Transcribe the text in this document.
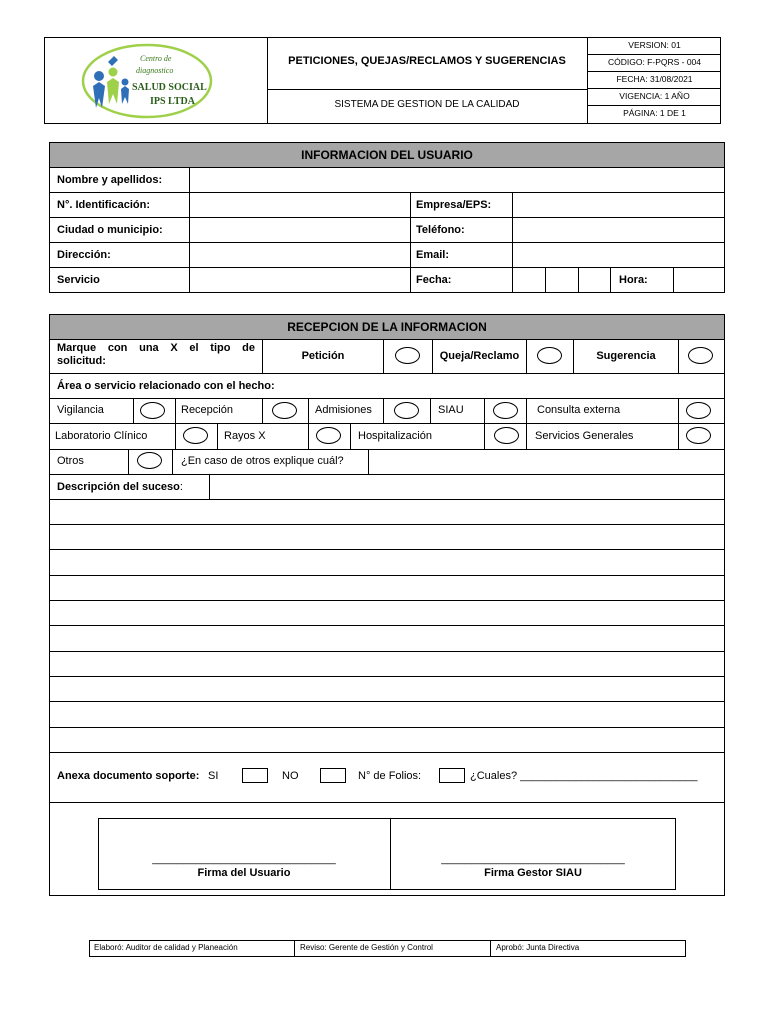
Centro de
diagnostico
SALUD SOCIAL
IPS LTDA
PETICIONES, QUEJAS/RECLAMOS Y SUGERENCIAS
SISTEMA DE GESTION DE LA CALIDAD
VERSION: 01
CÓDIGO: F-PQRS - 004
FECHA: 31/08/2021
VIGENCIA: 1 AÑO
PÁGINA: 1 DE 1
INFORMACION DEL USUARIO
Nombre y apellidos:
N°. Identificación:	Empresa/EPS:
Ciudad o municipio:	Teléfono:
Dirección:	Email:
Servicio	Fecha:	Hora:
RECEPCION DE LA INFORMACION
Marque con una X el tipo de solicitud:	Petición	Queja/Reclamo	Sugerencia
Área o servicio relacionado con el hecho:
Vigilancia	Recepción	Admisiones	SIAU	Consulta externa
Laboratorio Clínico	Rayos X	Hospitalización	Servicios Generales
Otros	¿En caso de otros explique cuál?
Descripción del suceso:
Anexa documento soporte: SI	NO	N° de Folios:	¿Cuales? _____________________________
______________________________
Firma del Usuario
______________________________
Firma Gestor SIAU
Elaboró: Auditor de calidad y Planeación	Reviso: Gerente de Gestión y Control	Aprobó: Junta Directiva
